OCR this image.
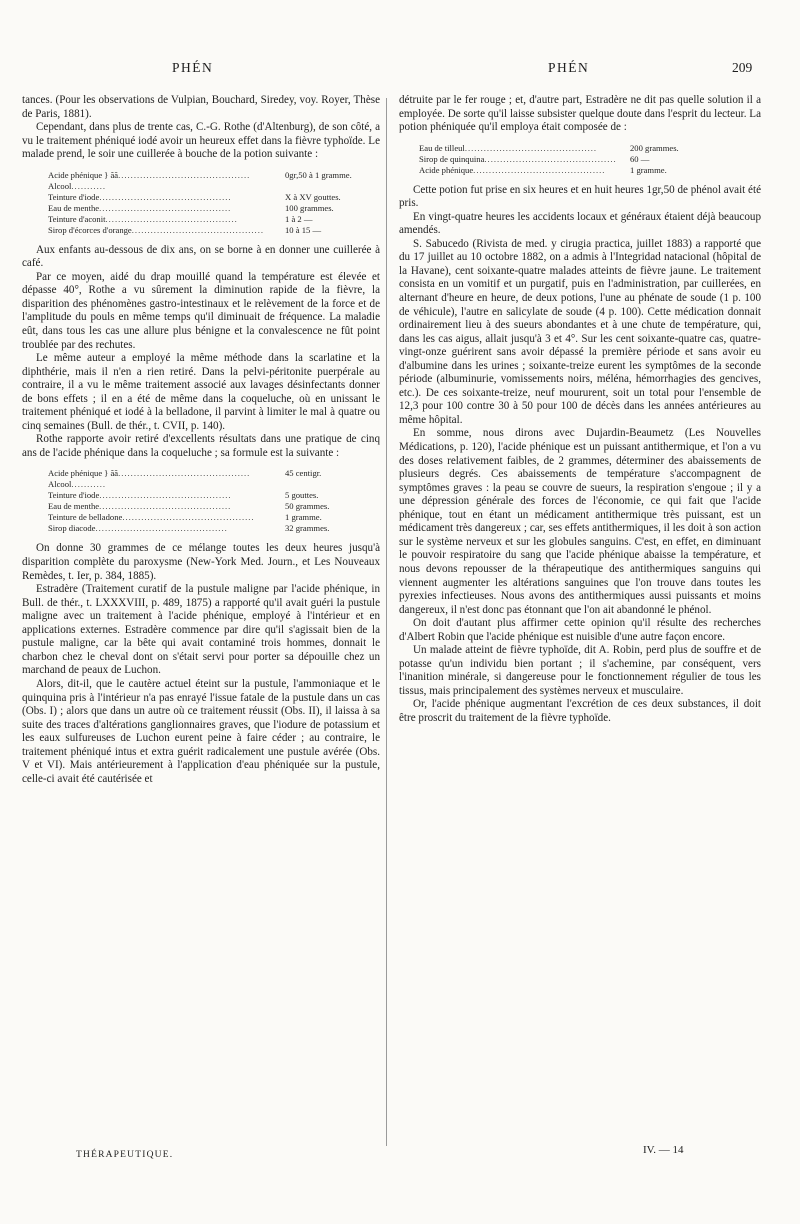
PHÉN	PHÉN	209

tances. (Pour les observations de Vulpian, Bouchard, Siredey, voy. Royer, Thèse de Paris, 1881).

Cependant, dans plus de trente cas, C.-G. Rothe (d'Altenburg), de son côté, a vu le traitement phéniqué iodé avoir un heureux effet dans la fièvre typhoïde. Le malade prend, le soir une cuillerée à bouche de la potion suivante :

Acide phénique } ãã ..........................................	0gr,50 à 1 gramme.
Alcool ...........
Teinture d'iode ..........................................	X à XV gouttes.
Eau de menthe ..........................................	100 grammes.
Teinture d'aconit ..........................................	1 à 2 —
Sirop d'écorces d'orange ..........................................	10 à 15 —

Aux enfants au-dessous de dix ans, on se borne à en donner une cuillerée à café.

Par ce moyen, aidé du drap mouillé quand la température est élevée et dépasse 40°, Rothe a vu sûrement la diminution rapide de la fièvre, la disparition des phénomènes gastro-intestinaux et le relèvement de la force et de l'amplitude du pouls en même temps qu'il diminuait de fréquence. La maladie eût, dans tous les cas une allure plus bénigne et la convalescence ne fût point troublée par des rechutes.

Le même auteur a employé la même méthode dans la scarlatine et la diphthérie, mais il n'en a rien retiré. Dans la pelvi-péritonite puerpérale au contraire, il a vu le même traitement associé aux lavages désinfectants donner de bons effets ; il en a été de même dans la coqueluche, où en unissant le traitement phéniqué et iodé à la belladone, il parvint à limiter le mal à quatre ou cinq semaines (Bull. de thér., t. CVII, p. 140).

Rothe rapporte avoir retiré d'excellents résultats dans une pratique de cinq ans de l'acide phénique dans la coqueluche ; sa formule est la suivante :

Acide phénique } ãã ..........................................	45 centigr.
Alcool ...........
Teinture d'iode ..........................................	5 gouttes.
Eau de menthe ..........................................	50 grammes.
Teinture de belladone ..........................................	1 gramme.
Sirop diacode ..........................................	32 grammes.

On donne 30 grammes de ce mélange toutes les deux heures jusqu'à disparition complète du paroxysme (New-York Med. Journ., et Les Nouveaux Remèdes, t. Ier, p. 384, 1885).

Estradère (Traitement curatif de la pustule maligne par l'acide phénique, in Bull. de thér., t. LXXXVIII, p. 489, 1875) a rapporté qu'il avait guéri la pustule maligne avec un traitement à l'acide phénique, employé à l'intérieur et en applications externes. Estradère commence par dire qu'il s'agissait bien de la pustule maligne, car la bête qui avait contaminé trois hommes, donnait le charbon chez le cheval dont on s'était servi pour porter sa dépouille chez un marchand de peaux de Luchon.

Alors, dit-il, que le cautère actuel éteint sur la pustule, l'ammoniaque et le quinquina pris à l'intérieur n'a pas enrayé l'issue fatale de la pustule dans un cas (Obs. I) ; alors que dans un autre où ce traitement réussit (Obs. II), il laissa à sa suite des traces d'altérations ganglionnaires graves, que l'iodure de potassium et les eaux sulfureuses de Luchon eurent peine à faire céder ; au contraire, le traitement phéniqué intus et extra guérit radicalement une pustule avérée (Obs. V et VI). Mais antérieurement à l'application d'eau phéniquée sur la pustule, celle-ci avait été cautérisée et

détruite par le fer rouge ; et, d'autre part, Estradère ne dit pas quelle solution il a employée. De sorte qu'il laisse subsister quelque doute dans l'esprit du lecteur. La potion phéniquée qu'il employa était composée de :

Eau de tilleul ..........................................	200 grammes.
Sirop de quinquina ..........................................	60 —
Acide phénique ..........................................	1 gramme.

Cette potion fut prise en six heures et en huit heures 1gr,50 de phénol avait été pris.

En vingt-quatre heures les accidents locaux et généraux étaient déjà beaucoup amendés.

S. Sabucedo (Rivista de med. y cirugia practica, juillet 1883) a rapporté que du 17 juillet au 10 octobre 1882, on a admis à l'Integridad natacional (hôpital de la Havane), cent soixante-quatre malades atteints de fièvre jaune. Le traitement consista en un vomitif et un purgatif, puis en l'administration, par cuillerées, en alternant d'heure en heure, de deux potions, l'une au phénate de soude (1 p. 100 de véhicule), l'autre en salicylate de soude (4 p. 100). Cette médication donnait ordinairement lieu à des sueurs abondantes et à une chute de température, qui, dans les cas aigus, allait jusqu'à 3 et 4°. Sur les cent soixante-quatre cas, quatre-vingt-onze guérirent sans avoir dépassé la première période et sans avoir eu d'albumine dans les urines ; soixante-treize eurent les symptômes de la seconde période (albuminurie, vomissements noirs, méléna, hémorrhagies des gencives, etc.). De ces soixante-treize, neuf moururent, soit un total pour l'ensemble de 12,3 pour 100 contre 30 à 50 pour 100 de décès dans les années antérieures au même hôpital.

En somme, nous dirons avec Dujardin-Beaumetz (Les Nouvelles Médications, p. 120), l'acide phénique est un puissant antithermique, et l'on a vu des doses relativement faibles, de 2 grammes, déterminer des abaissements de plusieurs degrés. Ces abaissements de température s'accompagnent de symptômes graves : la peau se couvre de sueurs, la respiration s'engoue ; il y a une dépression générale des forces de l'économie, ce qui fait que l'acide phénique, tout en étant un médicament antithermique très puissant, est un médicament très dangereux ; car, ses effets antithermiques, il les doit à son action sur le système nerveux et sur les globules sanguins. C'est, en effet, en diminuant le pouvoir respiratoire du sang que l'acide phénique abaisse la température, et nous devons repousser de la thérapeutique des antithermiques sanguins qui viennent augmenter les altérations sanguines que l'on trouve dans toutes les pyrexies infectieuses. Nous avons des antithermiques aussi puissants et moins dangereux, il n'est donc pas étonnant que l'on ait abandonné le phénol.

On doit d'autant plus affirmer cette opinion qu'il résulte des recherches d'Albert Robin que l'acide phénique est nuisible d'une autre façon encore.

Un malade atteint de fièvre typhoïde, dit A. Robin, perd plus de souffre et de potasse qu'un individu bien portant ; il s'achemine, par conséquent, vers l'inanition minérale, si dangereuse pour le fonctionnement régulier de tous les tissus, mais principalement des systèmes nerveux et musculaire.

Or, l'acide phénique augmentant l'excrétion de ces deux substances, il doit être proscrit du traitement de la fièvre typhoïde.

THÉRAPEUTIQUE.	IV. — 14
